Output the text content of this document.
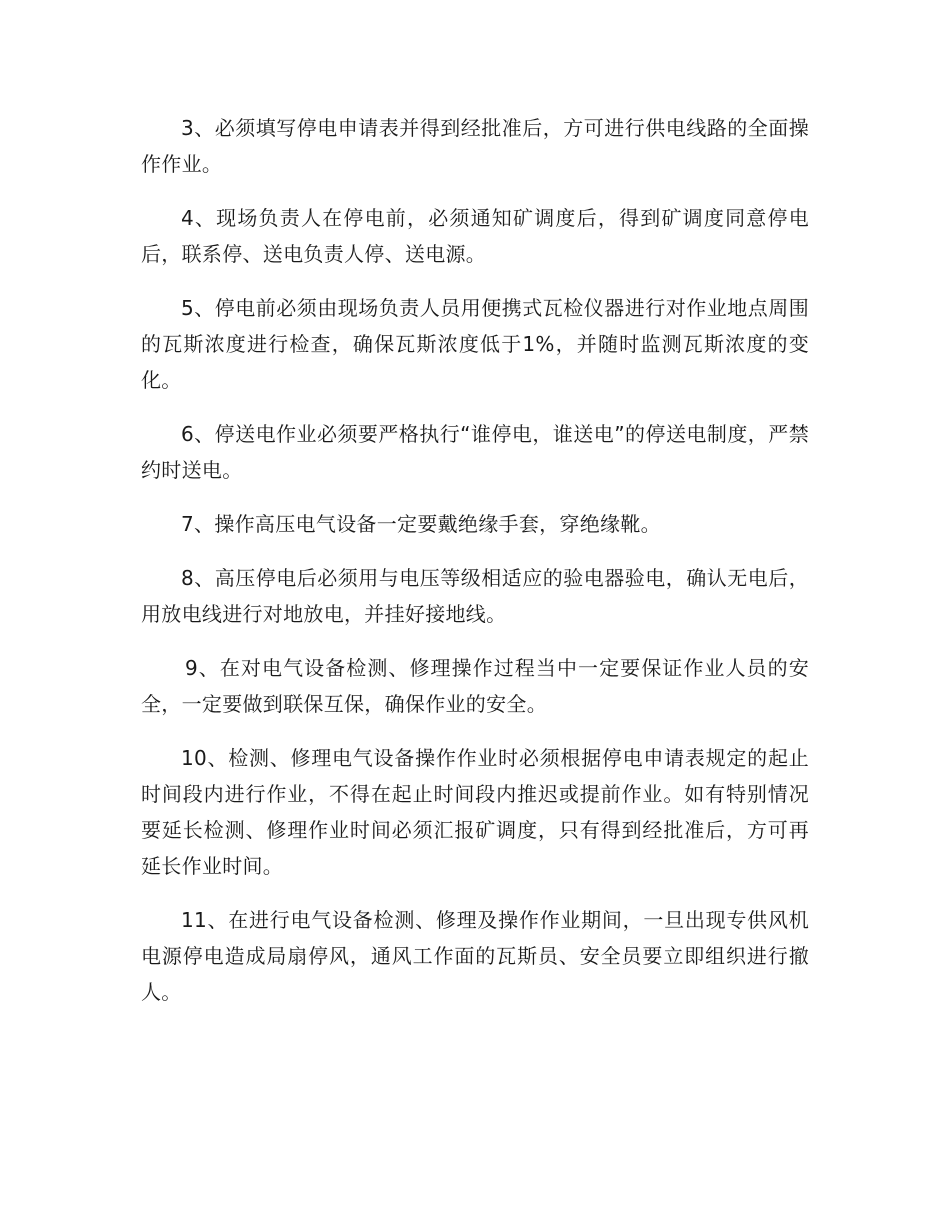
3、必须填写停电申请表并得到经批准后，方可进行供电线路的全面操作作业。

4、现场负责人在停电前，必须通知矿调度后，得到矿调度同意停电后，联系停、送电负责人停、送电源。

5、停电前必须由现场负责人员用便携式瓦检仪器进行对作业地点周围的瓦斯浓度进行检查，确保瓦斯浓度低于1%，并随时监测瓦斯浓度的变化。

6、停送电作业必须要严格执行“谁停电，谁送电”的停送电制度，严禁约时送电。

7、操作高压电气设备一定要戴绝缘手套，穿绝缘靴。

8、高压停电后必须用与电压等级相适应的验电器验电，确认无电后，用放电线进行对地放电，并挂好接地线。

9、在对电气设备检测、修理操作过程当中一定要保证作业人员的安全，一定要做到联保互保，确保作业的安全。

10、检测、修理电气设备操作作业时必须根据停电申请表规定的起止时间段内进行作业，不得在起止时间段内推迟或提前作业。如有特别情况要延长检测、修理作业时间必须汇报矿调度，只有得到经批准后，方可再延长作业时间。

11、在进行电气设备检测、修理及操作作业期间，一旦出现专供风机电源停电造成局扇停风，通风工作面的瓦斯员、安全员要立即组织进行撤人。
